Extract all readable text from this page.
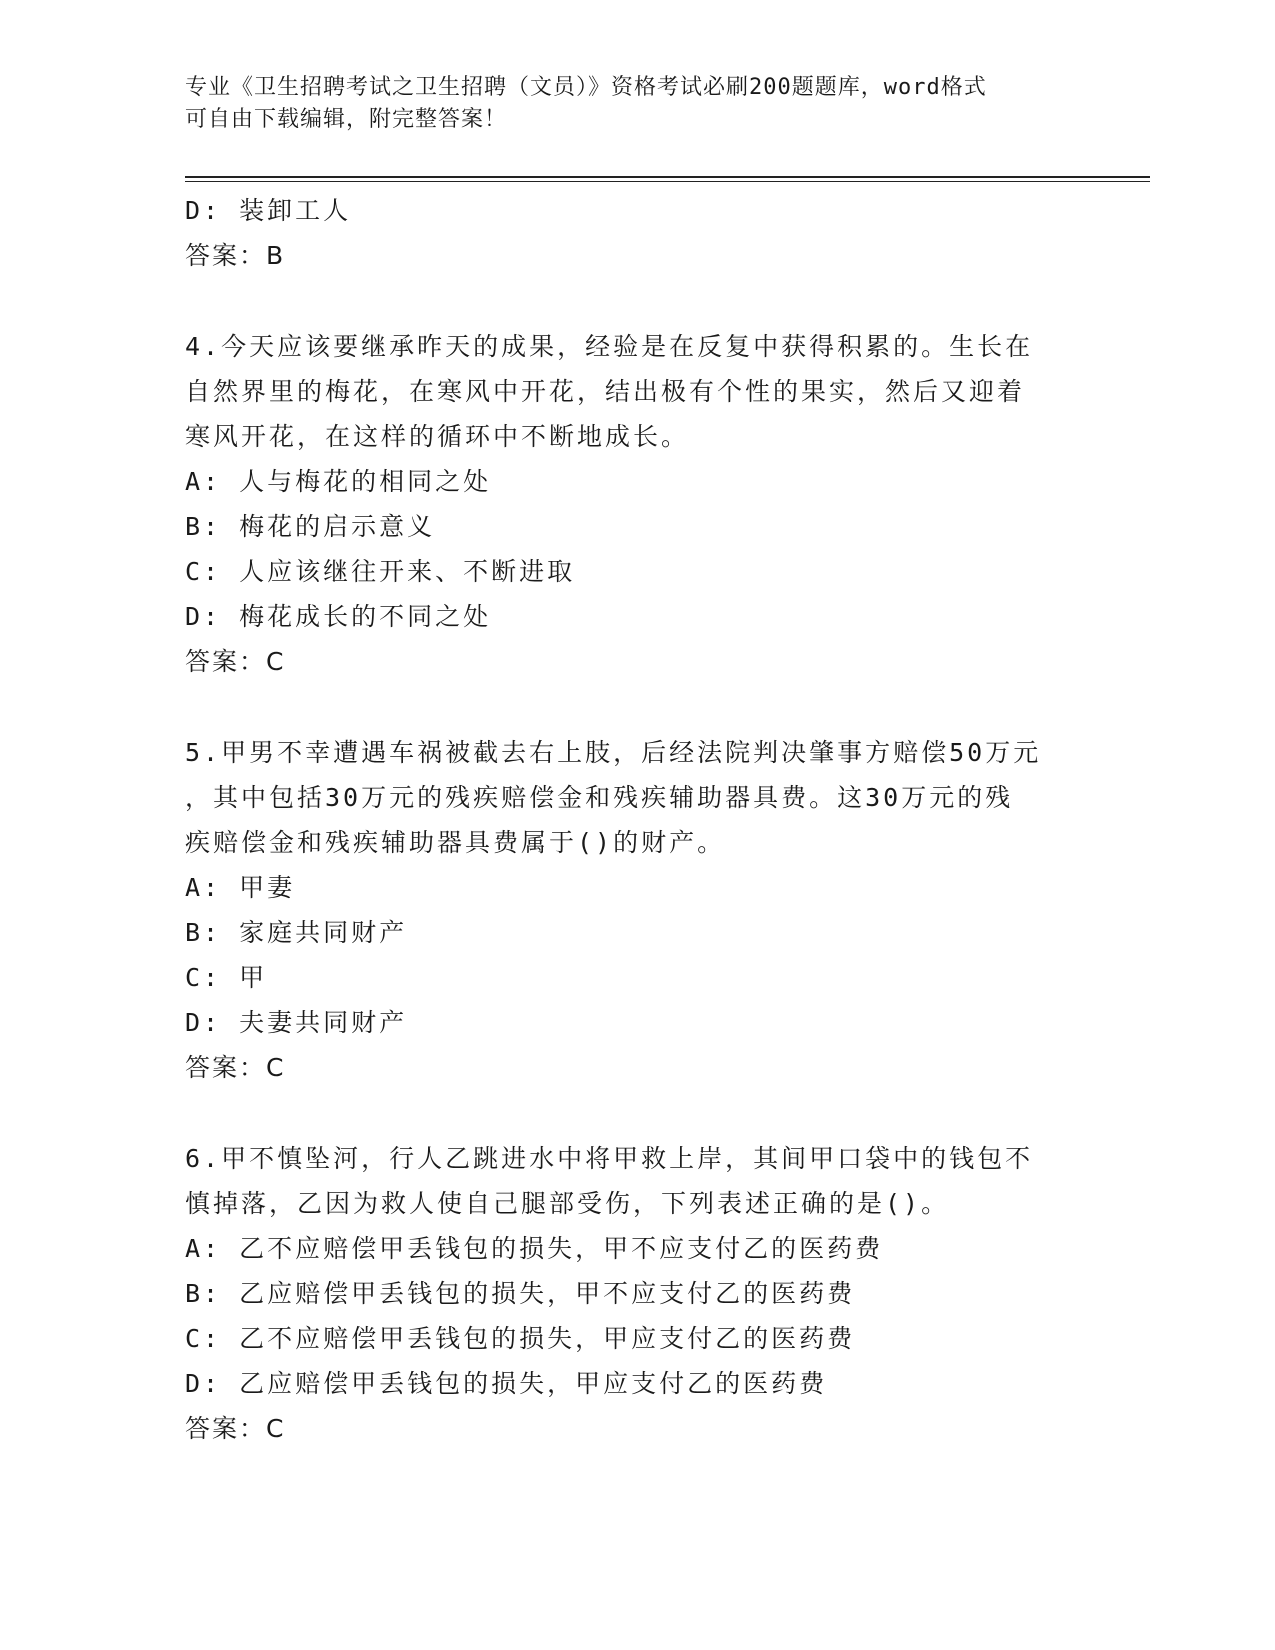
专业《卫生招聘考试之卫生招聘（文员）》资格考试必刷200题题库，word格式
可自由下载编辑，附完整答案！
D: 装卸工人
答案：B
4.今天应该要继承昨天的成果，经验是在反复中获得积累的。生长在
自然界里的梅花，在寒风中开花，结出极有个性的果实，然后又迎着
寒风开花，在这样的循环中不断地成长。
A: 人与梅花的相同之处
B: 梅花的启示意义
C: 人应该继往开来、不断进取
D: 梅花成长的不同之处
答案：C
5.甲男不幸遭遇车祸被截去右上肢，后经法院判决肇事方赔偿50万元
，其中包括30万元的残疾赔偿金和残疾辅助器具费。这30万元的残
疾赔偿金和残疾辅助器具费属于()的财产。
A: 甲妻
B: 家庭共同财产
C: 甲
D: 夫妻共同财产
答案：C
6.甲不慎坠河，行人乙跳进水中将甲救上岸，其间甲口袋中的钱包不
慎掉落，乙因为救人使自己腿部受伤，下列表述正确的是()。
A: 乙不应赔偿甲丢钱包的损失，甲不应支付乙的医药费
B: 乙应赔偿甲丢钱包的损失，甲不应支付乙的医药费
C: 乙不应赔偿甲丢钱包的损失，甲应支付乙的医药费
D: 乙应赔偿甲丢钱包的损失，甲应支付乙的医药费
答案：C
